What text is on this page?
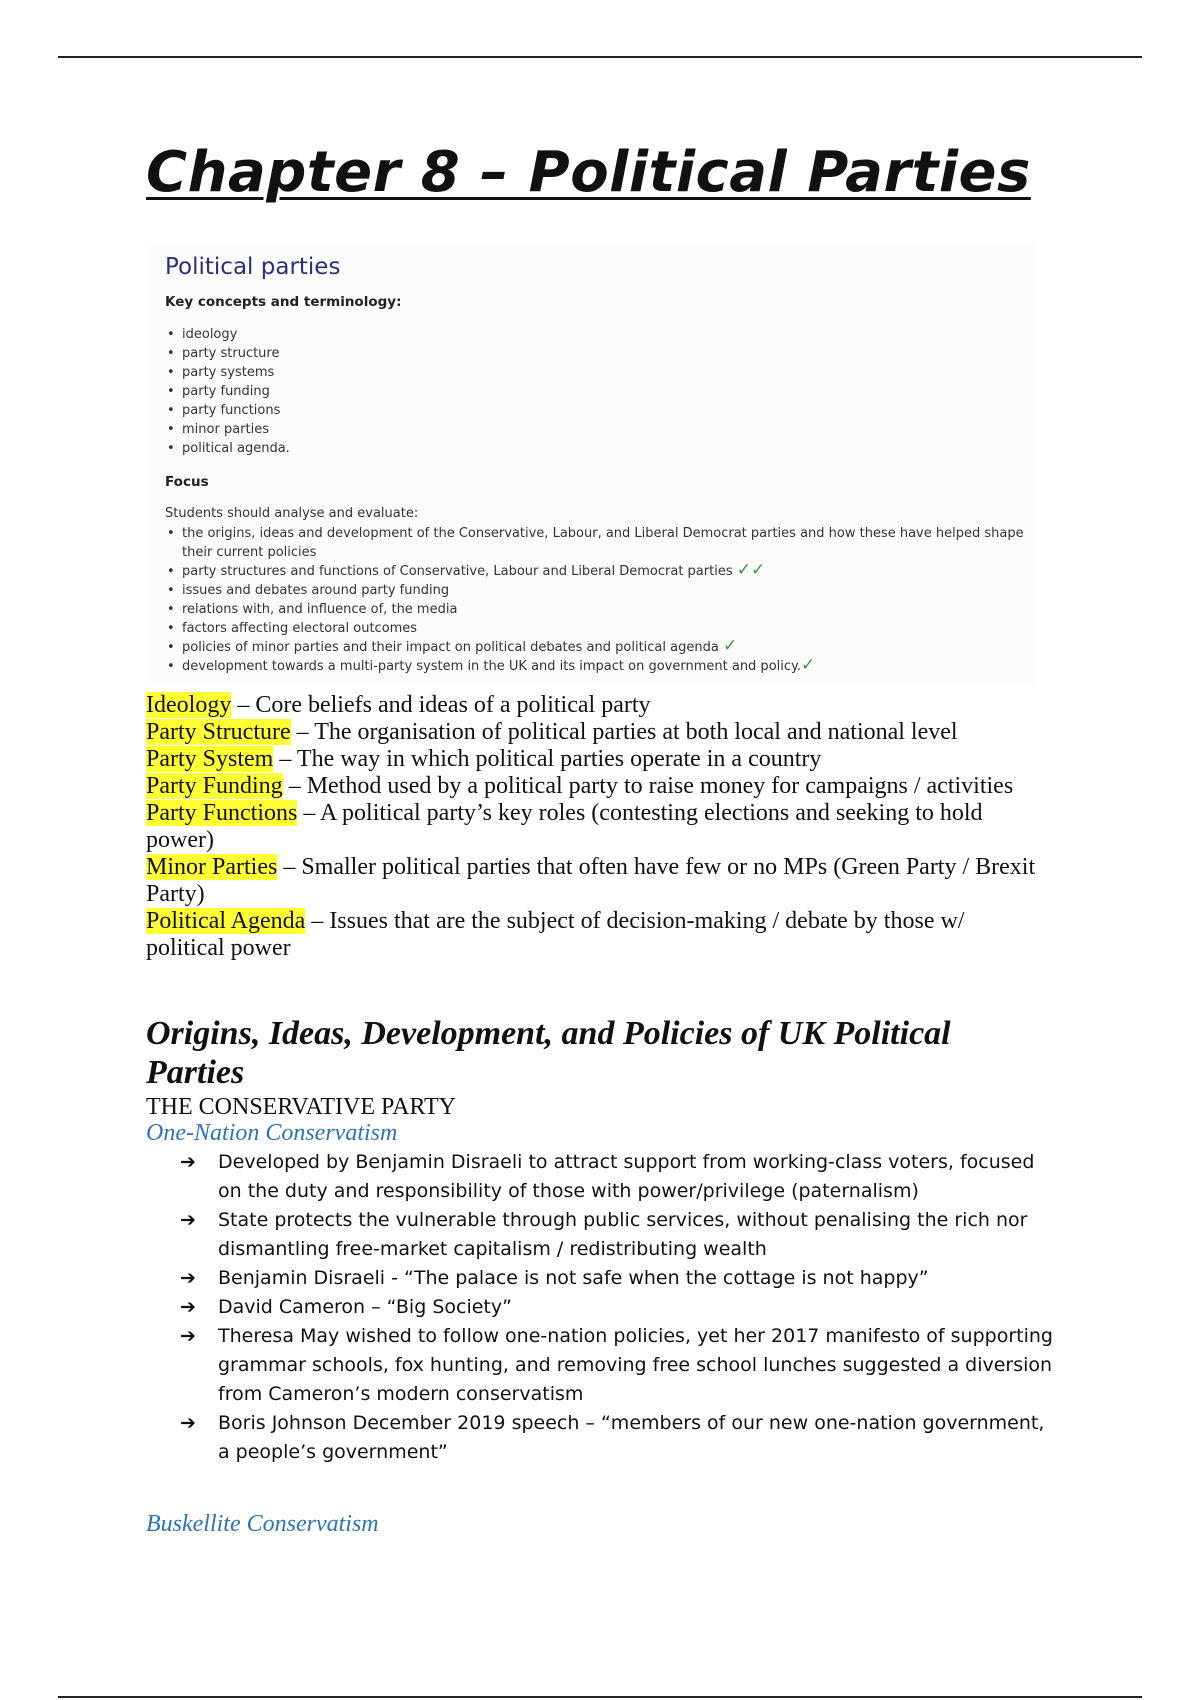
Chapter 8 – Political Parties
Political parties
Key concepts and terminology:
• ideology
• party structure
• party systems
• party funding
• party functions
• minor parties
• political agenda.
Focus
Students should analyse and evaluate:
• the origins, ideas and development of the Conservative, Labour, and Liberal Democrat parties and how these have helped shape their current policies
• party structures and functions of Conservative, Labour and Liberal Democrat parties ✓✓
• issues and debates around party funding
• relations with, and influence of, the media
• factors affecting electoral outcomes
• policies of minor parties and their impact on political debates and political agenda ✓
• development towards a multi-party system in the UK and its impact on government and policy.✓

Ideology – Core beliefs and ideas of a political party

Party Structure – The organisation of political parties at both local and national level

Party System – The way in which political parties operate in a country

Party Funding – Method used by a political party to raise money for campaigns / activities

Party Functions – A political party’s key roles (contesting elections and seeking to hold power)

Minor Parties – Smaller political parties that often have few or no MPs (Green Party / Brexit Party)

Political Agenda – Issues that are the subject of decision-making / debate by those w/ political power

Origins, Ideas, Development, and Policies of UK Political Parties
THE CONSERVATIVE PARTY
One-Nation Conservatism
➔ Developed by Benjamin Disraeli to attract support from working-class voters, focused on the duty and responsibility of those with power/privilege (paternalism)
➔ State protects the vulnerable through public services, without penalising the rich nor dismantling free-market capitalism / redistributing wealth
➔ Benjamin Disraeli - “The palace is not safe when the cottage is not happy”
➔ David Cameron – “Big Society”
➔ Theresa May wished to follow one-nation policies, yet her 2017 manifesto of supporting grammar schools, fox hunting, and removing free school lunches suggested a diversion from Cameron’s modern conservatism
➔ Boris Johnson December 2019 speech – “members of our new one-nation government, a people’s government”
Buskellite Conservatism
